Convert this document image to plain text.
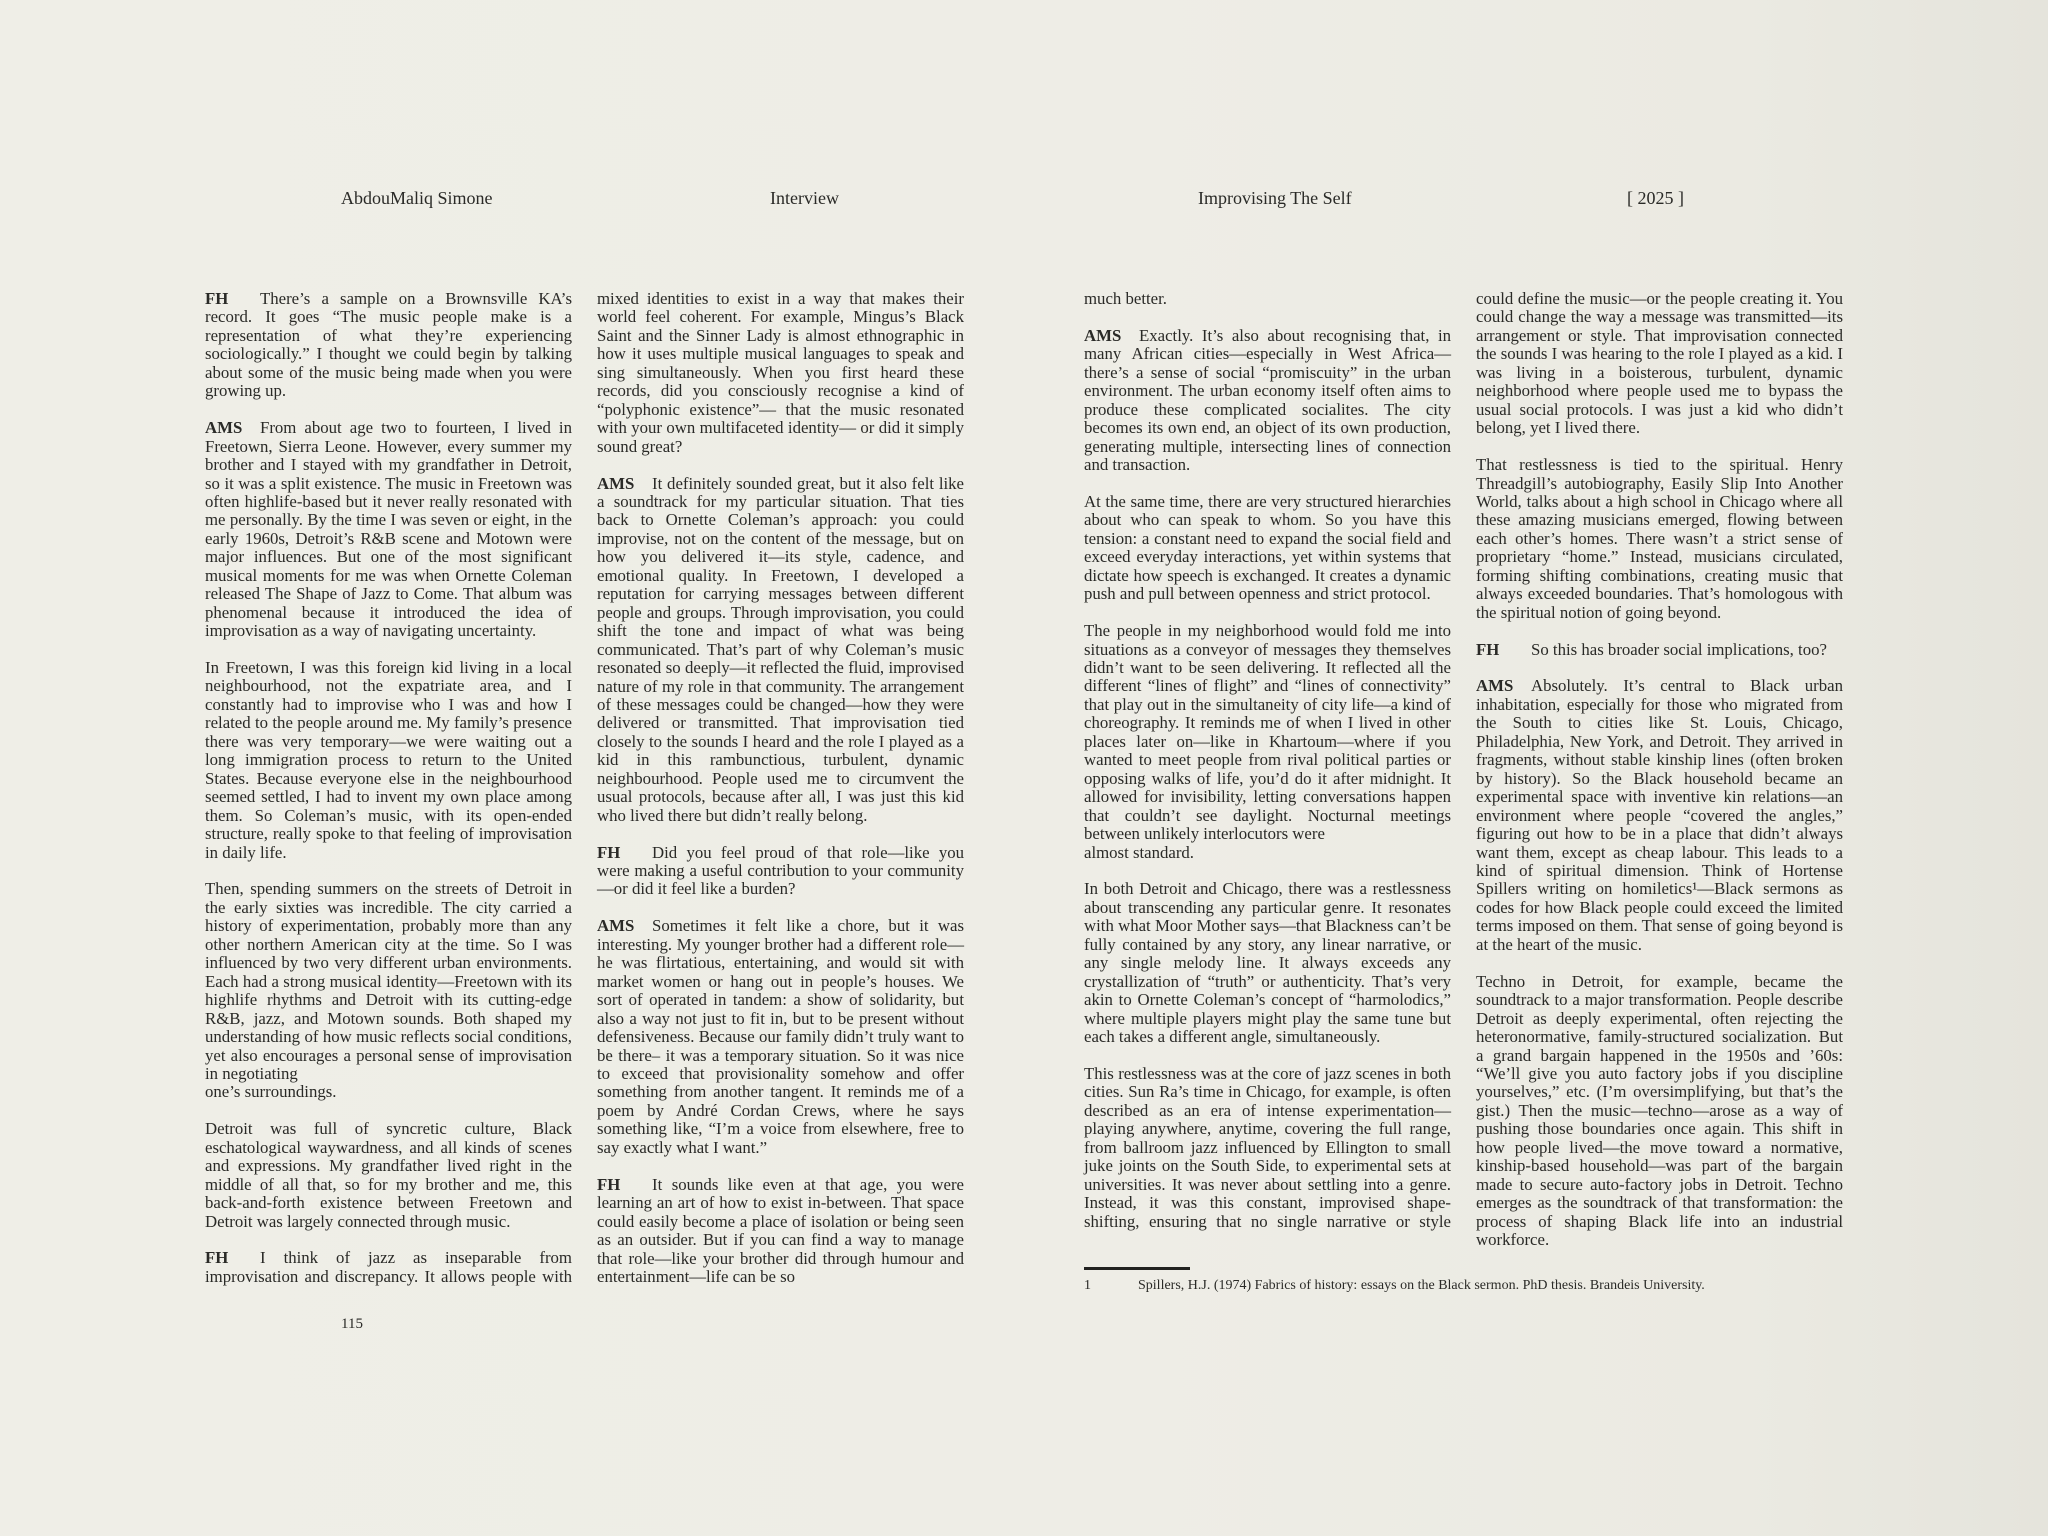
AbdouMaliq Simone	Interview	Improvising The Self	[ 2025 ]

FH There’s a sample on a Brownsville KA’s record. It goes “The music people make is a representation of what they’re experiencing sociologically.” I thought we could begin by talking about some of the music being made when you were growing up.

AMS From about age two to fourteen, I lived in Freetown, Sierra Leone. However, every summer my brother and I stayed with my grandfather in Detroit, so it was a split existence. The music in Freetown was often highlife-based but it never really resonated with me personally. By the time I was seven or eight, in the early 1960s, Detroit’s R&B scene and Motown were major influences. But one of the most significant musical moments for me was when Ornette Coleman released The Shape of Jazz to Come. That album was phenomenal because it introduced the idea of improvisation as a way of navigating uncertainty.

In Freetown, I was this foreign kid living in a local neighbourhood, not the expatriate area, and I constantly had to improvise who I was and how I related to the people around me. My family’s presence there was very temporary—we were waiting out a long immigration process to return to the United States. Because everyone else in the neighbourhood seemed settled, I had to invent my own place among them. So Coleman’s music, with its open-ended structure, really spoke to that feeling of improvisation in daily life.

Then, spending summers on the streets of Detroit in the early sixties was incredible. The city carried a history of experimentation, probably more than any other northern American city at the time. So I was influenced by two very different urban environments. Each had a strong musical identity—Freetown with its highlife rhythms and Detroit with its cutting-edge R&B, jazz, and Motown sounds. Both shaped my understanding of how music reflects social conditions, yet also encourages a personal sense of improvisation in negotiating
one’s surroundings.

Detroit was full of syncretic culture, Black eschatological waywardness, and all kinds of scenes and expressions. My grandfather lived right in the middle of all that, so for my brother and me, this back-and-forth existence between Freetown and Detroit was largely connected through music.

FH I think of jazz as inseparable from improvisation and discrepancy. It allows people with

mixed identities to exist in a way that makes their world feel coherent. For example, Mingus’s Black Saint and the Sinner Lady is almost ethnographic in how it uses multiple musical languages to speak and sing simultaneously. When you first heard these records, did you consciously recognise a kind of “polyphonic existence”— that the music resonated with your own multifaceted identity— or did it simply sound great?

AMS It definitely sounded great, but it also felt like a soundtrack for my particular situation. That ties back to Ornette Coleman’s approach: you could improvise, not on the content of the message, but on how you delivered it—its style, cadence, and emotional quality. In Freetown, I developed a reputation for carrying messages between different people and groups. Through improvisation, you could shift the tone and impact of what was being communicated. That’s part of why Coleman’s music resonated so deeply—it reflected the fluid, improvised nature of my role in that community. The arrangement of these messages could be changed—how they were delivered or transmitted. That improvisation tied closely to the sounds I heard and the role I played as a kid in this rambunctious, turbulent, dynamic neighbourhood. People used me to circumvent the usual protocols, because after all, I was just this kid who lived there but didn’t really belong.

FH Did you feel proud of that role—like you were making a useful contribution to your community—or did it feel like a burden?

AMS Sometimes it felt like a chore, but it was interesting. My younger brother had a different role—he was flirtatious, entertaining, and would sit with market women or hang out in people’s houses. We sort of operated in tandem: a show of solidarity, but also a way not just to fit in, but to be present without defensiveness. Because our family didn’t truly want to be there– it was a temporary situation. So it was nice to exceed that provisionality somehow and offer something from another tangent. It reminds me of a poem by André Cordan Crews, where he says something like, “I’m a voice from elsewhere, free to say exactly what I want.”

FH It sounds like even at that age, you were learning an art of how to exist in-between. That space could easily become a place of isolation or being seen as an outsider. But if you can find a way to manage that role—like your brother did through humour and entertainment—life can be so

much better.

AMS Exactly. It’s also about recognising that, in many African cities—especially in West Africa—there’s a sense of social “promiscuity” in the urban environment. The urban economy itself often aims to produce these complicated socialites. The city becomes its own end, an object of its own production, generating multiple, intersecting lines of connection and transaction.

At the same time, there are very structured hierarchies about who can speak to whom. So you have this tension: a constant need to expand the social field and exceed everyday interactions, yet within systems that dictate how speech is exchanged. It creates a dynamic push and pull between openness and strict protocol.

The people in my neighborhood would fold me into situations as a conveyor of messages they themselves didn’t want to be seen delivering. It reflected all the different “lines of flight” and “lines of connectivity” that play out in the simultaneity of city life—a kind of choreography. It reminds me of when I lived in other places later on—like in Khartoum—where if you wanted to meet people from rival political parties or opposing walks of life, you’d do it after midnight. It allowed for invisibility, letting conversations happen that couldn’t see daylight. Nocturnal meetings between unlikely interlocutors were
almost standard.

In both Detroit and Chicago, there was a restlessness about transcending any particular genre. It resonates with what Moor Mother says—that Blackness can’t be fully contained by any story, any linear narrative, or any single melody line. It always exceeds any crystallization of “truth” or authenticity. That’s very akin to Ornette Coleman’s concept of “harmolodics,” where multiple players might play the same tune but each takes a different angle, simultaneously.

This restlessness was at the core of jazz scenes in both cities. Sun Ra’s time in Chicago, for example, is often described as an era of intense experimentation—playing anywhere, anytime, covering the full range, from ballroom jazz influenced by Ellington to small juke joints on the South Side, to experimental sets at universities. It was never about settling into a genre. Instead, it was this constant, improvised shape-shifting, ensuring that no single narrative or style

could define the music—or the people creating it. You could change the way a message was transmitted—its arrangement or style. That improvisation connected the sounds I was hearing to the role I played as a kid. I was living in a boisterous, turbulent, dynamic neighborhood where people used me to bypass the usual social protocols. I was just a kid who didn’t belong, yet I lived there.

That restlessness is tied to the spiritual. Henry Threadgill’s autobiography, Easily Slip Into Another World, talks about a high school in Chicago where all these amazing musicians emerged, flowing between each other’s homes. There wasn’t a strict sense of proprietary “home.” Instead, musicians circulated, forming shifting combinations, creating music that always exceeded boundaries. That’s homologous with the spiritual notion of going beyond.

FH So this has broader social implications, too?

AMS Absolutely. It’s central to Black urban inhabitation, especially for those who migrated from the South to cities like St. Louis, Chicago, Philadelphia, New York, and Detroit. They arrived in fragments, without stable kinship lines (often broken by history). So the Black household became an experimental space with inventive kin relations—an environment where people “covered the angles,” figuring out how to be in a place that didn’t always want them, except as cheap labour. This leads to a kind of spiritual dimension. Think of Hortense Spillers writing on homiletics¹—Black sermons as codes for how Black people could exceed the limited terms imposed on them. That sense of going beyond is at the heart of the music.

Techno in Detroit, for example, became the soundtrack to a major transformation. People describe Detroit as deeply experimental, often rejecting the heteronormative, family-structured socialization. But a grand bargain happened in the 1950s and ’60s: “We’ll give you auto factory jobs if you discipline yourselves,” etc. (I’m oversimplifying, but that’s the gist.) Then the music—techno—arose as a way of pushing those boundaries once again. This shift in how people lived—the move toward a normative, kinship-based household—was part of the bargain made to secure auto-factory jobs in Detroit. Techno emerges as the soundtrack of that transformation: the process of shaping Black life into an industrial workforce.

1	Spillers, H.J. (1974) Fabrics of history: essays on the Black sermon. PhD thesis. Brandeis University.
115
